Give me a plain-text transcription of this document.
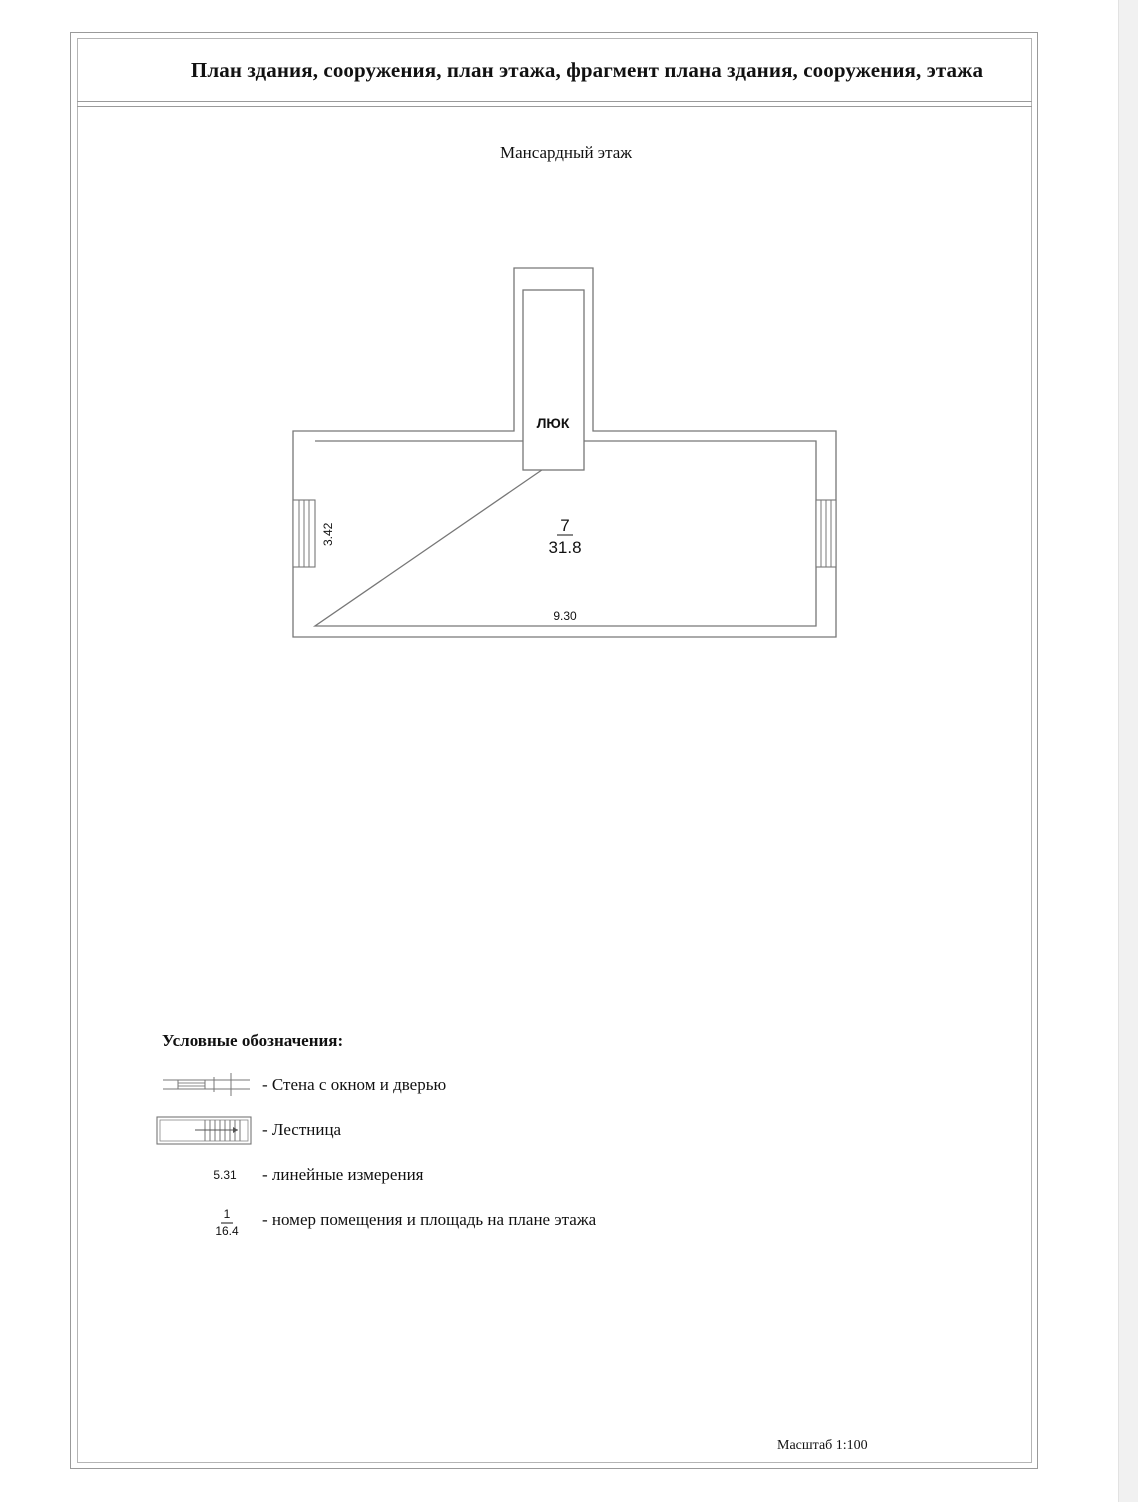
План здания, сооружения, план этажа, фрагмент плана здания, сооружения, этажа
Мансардный этаж
ЛЮК
7
31.8
3.42
9.30
Условные обозначения:
- Стена с окном и дверью
- Лестница
5.31	- линейные измерения
1
16.4
- номер помещения и площадь на плане этажа
Масштаб 1:100
